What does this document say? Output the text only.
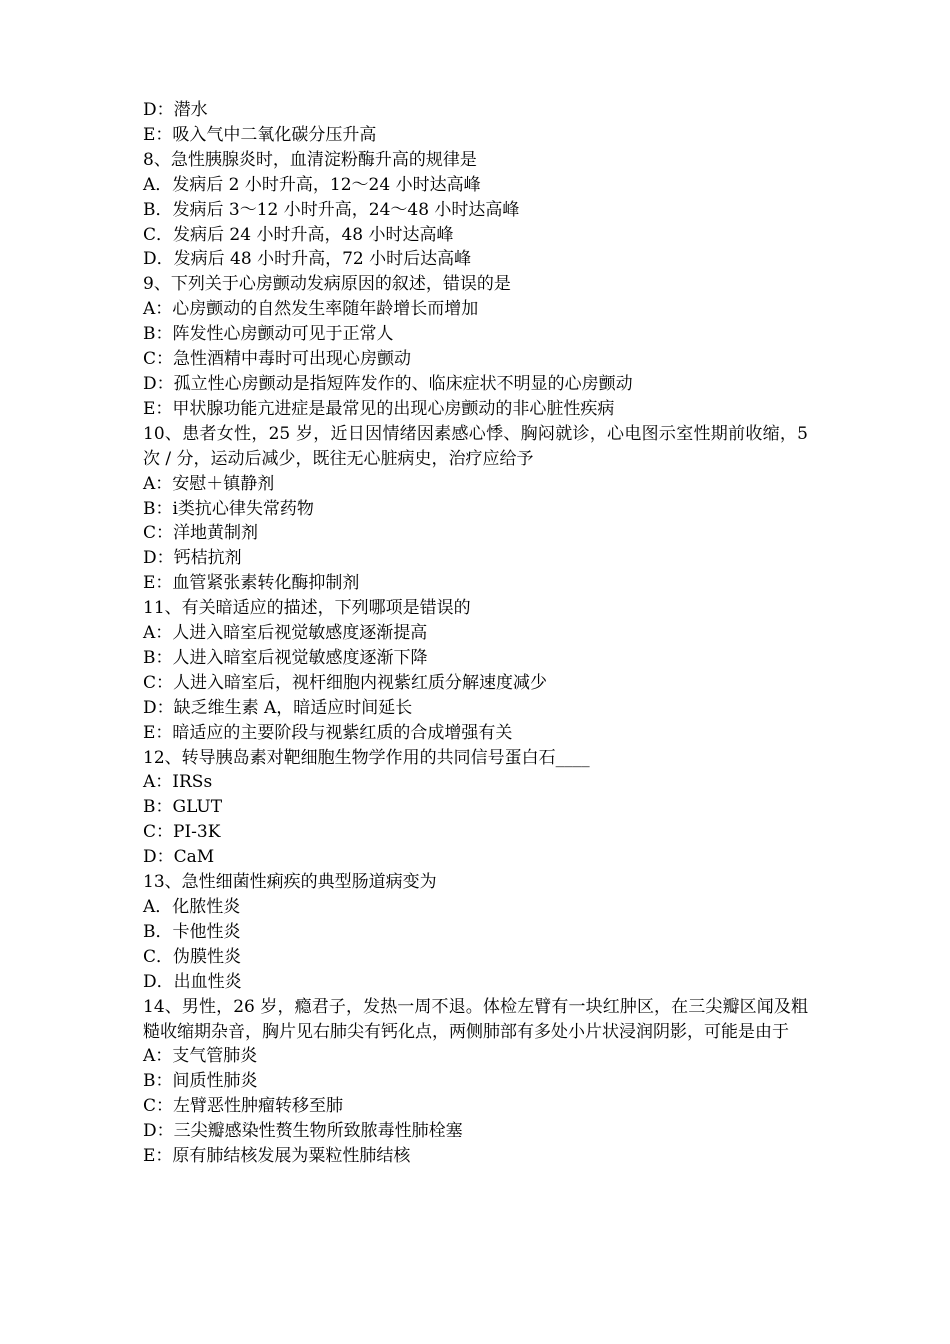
D：潜水

E：吸入气中二氧化碳分压升高

8、急性胰腺炎时，血清淀粉酶升高的规律是

A．发病后 2 小时升高，12～24 小时达高峰

B．发病后 3～12 小时升高，24～48 小时达高峰

C．发病后 24 小时升高，48 小时达高峰

D．发病后 48 小时升高，72 小时后达高峰

9、下列关于心房颤动发病原因的叙述，错误的是

A：心房颤动的自然发生率随年龄增长而增加

B：阵发性心房颤动可见于正常人

C：急性酒精中毒时可出现心房颤动

D：孤立性心房颤动是指短阵发作的、临床症状不明显的心房颤动

E：甲状腺功能亢进症是最常见的出现心房颤动的非心脏性疾病

10、患者女性，25 岁，近日因情绪因素感心悸、胸闷就诊，心电图示室性期前收缩，5 次 / 分，运动后减少，既往无心脏病史，治疗应给予

A：安慰＋镇静剂

B：ⅰ类抗心律失常药物

C：洋地黄制剂

D：钙桔抗剂

E：血管紧张素转化酶抑制剂

11、有关暗适应的描述，下列哪项是错误的

A：人进入暗室后视觉敏感度逐渐提高

B：人进入暗室后视觉敏感度逐渐下降

C：人进入暗室后，视杆细胞内视紫红质分解速度减少

D：缺乏维生素 A，暗适应时间延长

E：暗适应的主要阶段与视紫红质的合成增强有关

12、转导胰岛素对靶细胞生物学作用的共同信号蛋白石____

A：IRSs

B：GLUT

C：PI-3K

D：CaM

13、急性细菌性痢疾的典型肠道病变为

A．化脓性炎

B．卡他性炎

C．伪膜性炎

D．出血性炎

14、男性，26 岁，瘾君子，发热一周不退。体检左臂有一块红肿区，在三尖瓣区闻及粗糙收缩期杂音，胸片见右肺尖有钙化点，两侧肺部有多处小片状浸润阴影，可能是由于

A：支气管肺炎

B：间质性肺炎

C：左臂恶性肿瘤转移至肺

D：三尖瓣感染性赘生物所致脓毒性肺栓塞

E：原有肺结核发展为粟粒性肺结核
